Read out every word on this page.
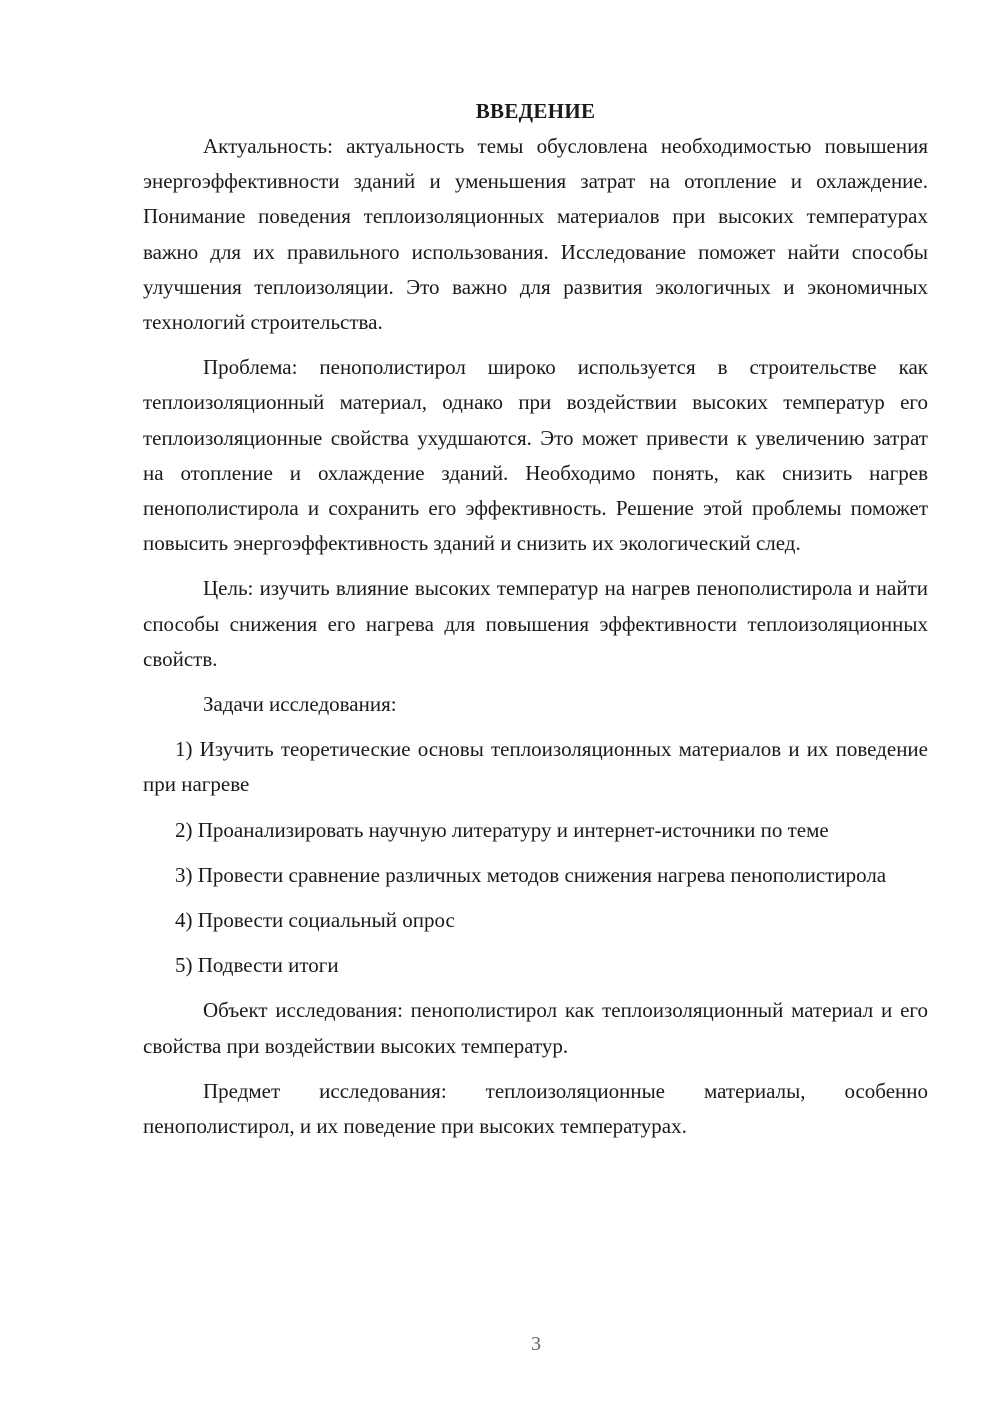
ВВЕДЕНИЕ

Актуальность: актуальность темы обусловлена необходимостью повышения энергоэффективности зданий и уменьшения затрат на отопление и охлаждение. Понимание поведения теплоизоляционных материалов при высоких температурах важно для их правильного использования. Исследование поможет найти способы улучшения теплоизоляции. Это важно для развития экологичных и экономичных технологий строительства.

Проблема: пенополистирол широко используется в строительстве как теплоизоляционный материал, однако при воздействии высоких температур его теплоизоляционные свойства ухудшаются. Это может привести к увеличению затрат на отопление и охлаждение зданий. Необходимо понять, как снизить нагрев пенополистирола и сохранить его эффективность. Решение этой проблемы поможет повысить энергоэффективность зданий и снизить их экологический след.

Цель: изучить влияние высоких температур на нагрев пенополистирола и найти способы снижения его нагрева для повышения эффективности теплоизоляционных свойств.

Задачи исследования:

1) Изучить теоретические основы теплоизоляционных материалов и их поведение при нагреве

2) Проанализировать научную литературу и интернет-источники по теме

3) Провести сравнение различных методов снижения нагрева пенополистирола

4) Провести социальный опрос

5) Подвести итоги

Объект исследования: пенополистирол как теплоизоляционный материал и его свойства при воздействии высоких температур.

Предмет исследования: теплоизоляционные материалы, особенно пенополистирол, и их поведение при высоких температурах.

3
